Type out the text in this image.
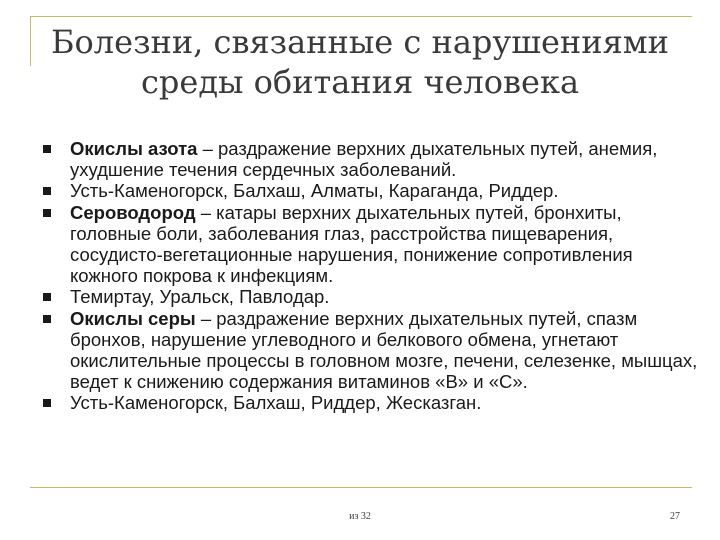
Болезни, связанные с нарушениями
среды обитания человека
Окислы азота – раздражение верхних дыхательных путей, анемия, ухудшение течения сердечных заболеваний.
Усть-Каменогорск, Балхаш, Алматы, Караганда, Риддер.
Сероводород – катары верхних дыхательных путей, бронхиты, головные боли, заболевания глаз, расстройства пищеварения, сосудисто-вегетационные нарушения, понижение сопротивления кожного покрова к инфекциям.
Темиртау, Уральск, Павлодар.
Окислы серы – раздражение верхних дыхательных путей, спазм бронхов, нарушение углеводного и белкового обмена, угнетают окислительные процессы в головном мозге, печени, селезенке, мышцах, ведет к снижению содержания витаминов «В» и «С».
Усть-Каменогорск, Балхаш, Риддер, Жесказган.
из 32	27
